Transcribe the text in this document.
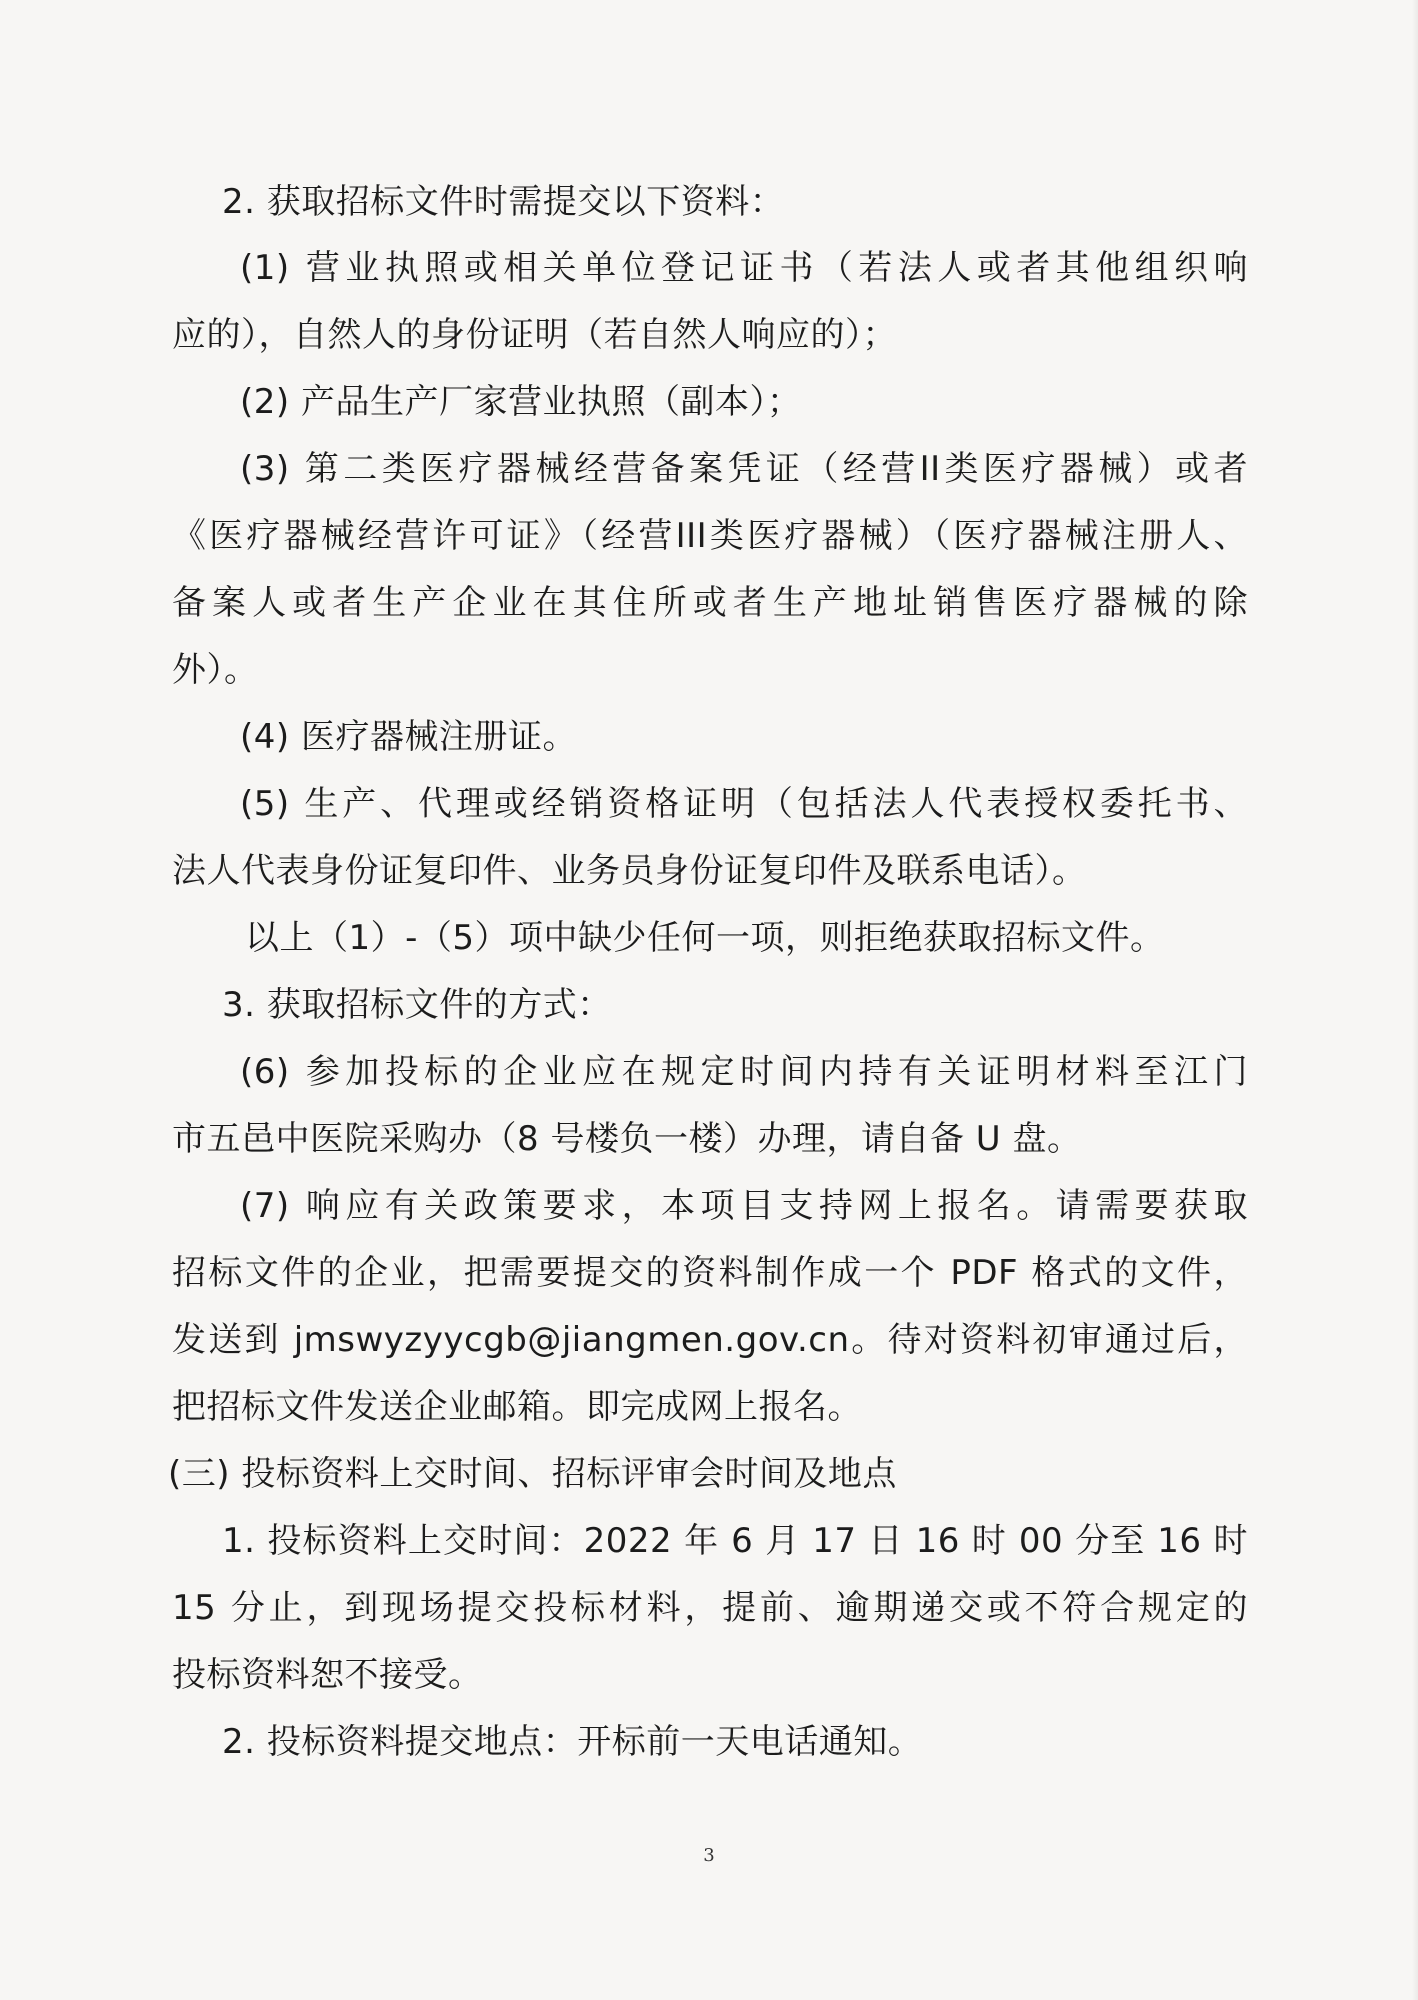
2. 获取招标文件时需提交以下资料：
(1) 营业执照或相关单位登记证书（若法人或者其他组织响
应的），自然人的身份证明（若自然人响应的）；
(2) 产品生产厂家营业执照（副本）；
(3) 第二类医疗器械经营备案凭证（经营II类医疗器械）或者
《医疗器械经营许可证》（经营III类医疗器械）（医疗器械注册人、
备案人或者生产企业在其住所或者生产地址销售医疗器械的除
外）。
(4) 医疗器械注册证。
(5) 生产、代理或经销资格证明（包括法人代表授权委托书、
法人代表身份证复印件、业务员身份证复印件及联系电话）。
以上（1）-（5）项中缺少任何一项，则拒绝获取招标文件。
3. 获取招标文件的方式：
(6) 参加投标的企业应在规定时间内持有关证明材料至江门
市五邑中医院采购办（8 号楼负一楼）办理，请自备 U 盘。
(7) 响应有关政策要求，本项目支持网上报名。请需要获取
招标文件的企业，把需要提交的资料制作成一个 PDF 格式的文件，
发送到 jmswyzyycgb@jiangmen.gov.cn。待对资料初审通过后，
把招标文件发送企业邮箱。即完成网上报名。
(三) 投标资料上交时间、招标评审会时间及地点
1. 投标资料上交时间：2022 年 6 月 17 日 16 时 00 分至 16 时
15 分止，到现场提交投标材料，提前、逾期递交或不符合规定的
投标资料恕不接受。
2. 投标资料提交地点：开标前一天电话通知。
3
